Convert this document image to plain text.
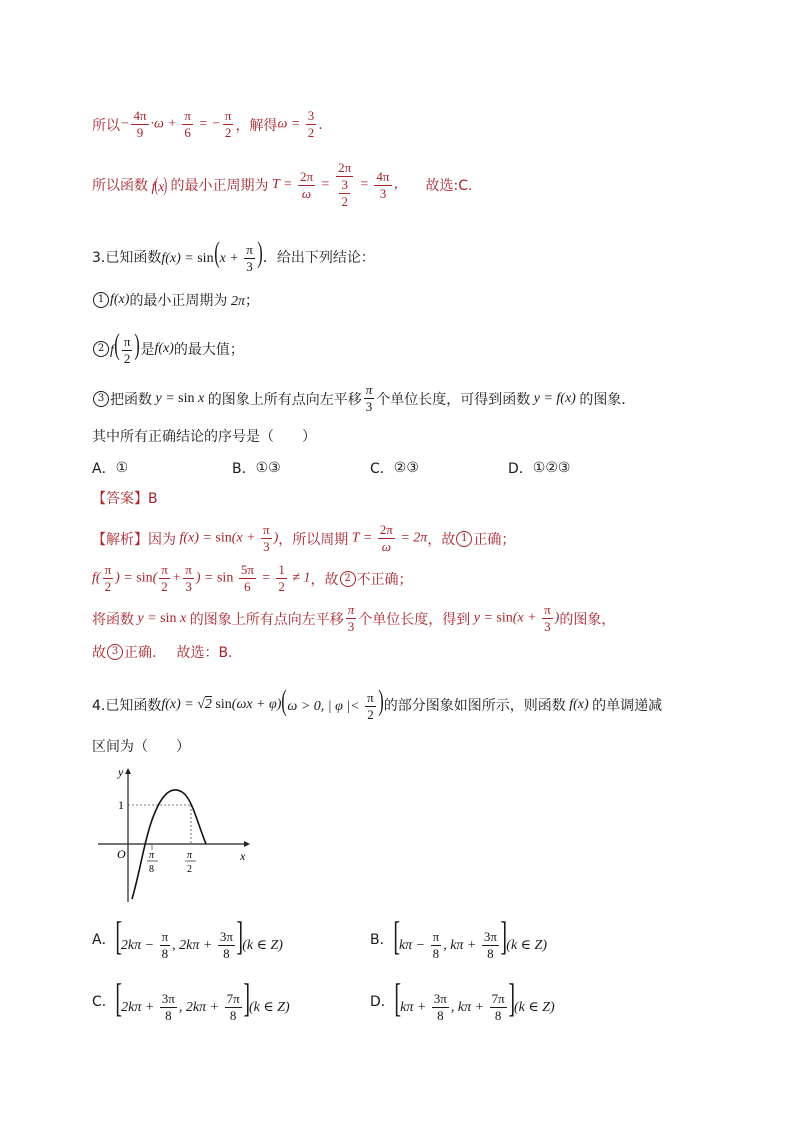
所以 − $\frac{4\pi}{9} \cdot\omega + \frac{\pi}{6}$ = − $\frac{\pi}{2}$ ，解得 $\omega = \frac{3}{2}$ .
所以函数 f(x) 的最小正周期为 $T = \frac{2\pi}{\omega} = \frac{2\pi}{\frac{3}{2}} = \frac{4\pi}{3}$ ， 故选:C.
3.已知函数 $f(x) = \sin(x + \frac{\pi}{3}$ ) ．给出下列结论：
1 f(x) 的最小正周期为 2π；
2 $f( \frac{\pi}{2}$ ) 是 f(x) 的最大值；
3 把函数 y = sin x 的图象上所有点向左平移 $\frac{\pi}{3}$ 个单位长度，可得到函数 y = f(x) 的图象．
其中所有正确结论的序号是（　　）
A． ①	B． ①③	C． ②③	D． ①②③
【答案】B
【解析】 因为 $f(x) = \sin(x + \frac{\pi}{3}$ ) ，所以周期 $T = \frac{2\pi}{\omega} = 2\pi$ ，故 1 正确；
$f( \frac{\pi}{2}$ ) = $\sin( \frac{\pi}{2} + \frac{\pi}{3}$ ) = $\sin \frac{5\pi}{6} = \frac{1}{2} \ne 1$ ，故 2 不正确；
将函数 y = sin x 的图象上所有点向左平移 $\frac{\pi}{3}$ 个单位长度，得到 $y = \sin(x + \frac{\pi}{3}$ ) 的图象，
故 3 正确. 故选：B.
4.已知函数 f(x) = √2 sin(ωx + φ) (ω > 0, | φ |< $\frac{\pi}{2}$ ) 的部分图象如图所示，则函数 f(x) 的单调递减
区间为（　　）
y
x
O
1
π
8
π
2
A． [$2k\pi - \frac{\pi}{8}$ , $2k\pi + \frac{3\pi}{8} ](k$ ∈ Z)	B． [$k\pi - \frac{\pi}{8}$ , $k\pi + \frac{3\pi}{8} ](k$ ∈ Z)
C． [$2k\pi + \frac{3\pi}{8}$ , $2k\pi + \frac{7\pi}{8} ](k$ ∈ Z)	D． [$k\pi + \frac{3\pi}{8}$ , $k\pi + \frac{7\pi}{8} ](k$ ∈ Z)
